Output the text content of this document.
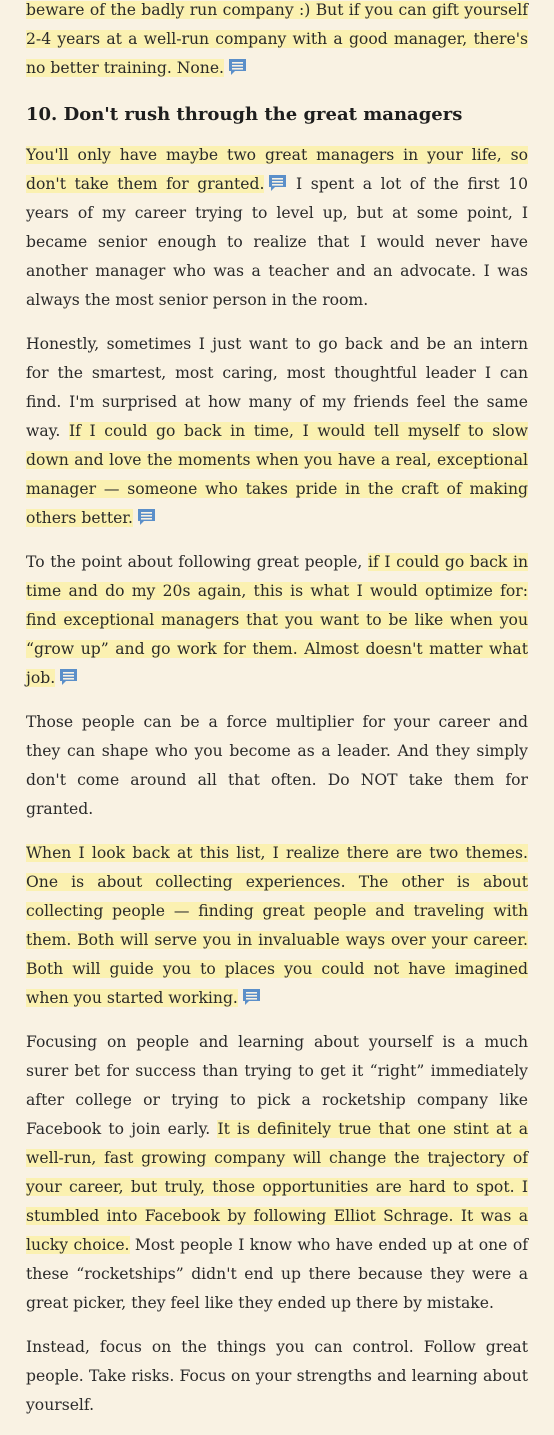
beware of the badly run company :) But if you can gift yourself 2-4 years at a well-run company with a good manager, there's no better training. None.

10. Don't rush through the great managers

You'll only have maybe two great managers in your life, so don't take them for granted.
I spent a lot of the first 10 years of my career trying to level up, but at some point, I became senior enough to realize that I would never have another manager who was a teacher and an advocate. I was always the most senior person in the room.

Honestly, sometimes I just want to go back and be an intern for the smartest, most caring, most thoughtful leader I can find. I'm surprised at how many of my friends feel the same way. If I could go back in time, I would tell myself to slow down and love the moments when you have a real, exceptional manager — someone who takes pride in the craft of making others better.

To the point about following great people, if I could go back in time and do my 20s again, this is what I would optimize for: find exceptional managers that you want to be like when you “grow up” and go work for them. Almost doesn't matter what job.

Those people can be a force multiplier for your career and they can shape who you become as a leader. And they simply don't come around all that often. Do NOT take them for granted.

When I look back at this list, I realize there are two themes. One is about collecting experiences. The other is about collecting people — finding great people and traveling with them. Both will serve you in invaluable ways over your career. Both will guide you to places you could not have imagined when you started working.

Focusing on people and learning about yourself is a much surer bet for success than trying to get it “right” immediately after college or trying to pick a rocketship company like Facebook to join early. It is definitely true that one stint at a well-run, fast growing company will change the trajectory of your career, but truly, those opportunities are hard to spot. I stumbled into Facebook by following Elliot Schrage. It was a lucky choice. Most people I know who have ended up at one of these “rocketships” didn't end up there because they were a great picker, they feel like they ended up there by mistake.

Instead, focus on the things you can control. Follow great people. Take risks. Focus on your strengths and learning about yourself.
